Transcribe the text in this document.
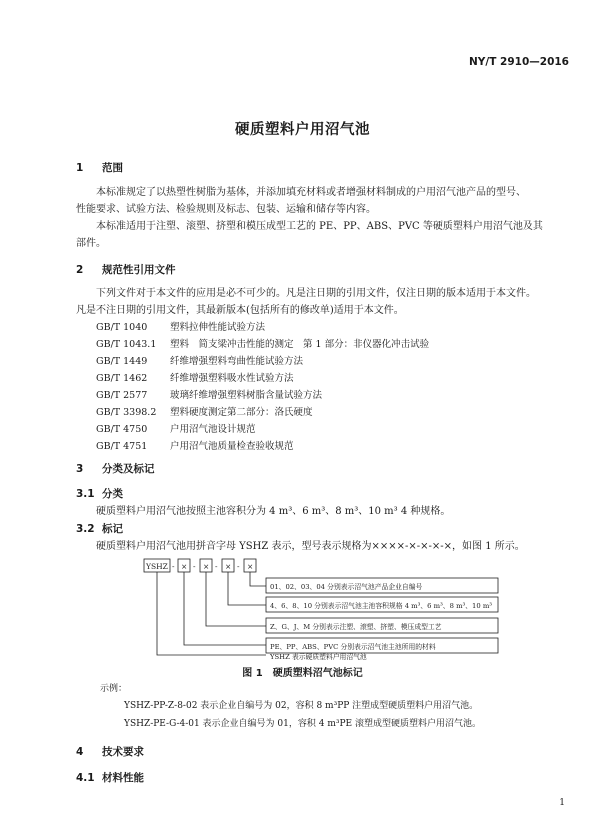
NY/T 2910—2016
硬质塑料户用沼气池
1 范围

本标准规定了以热塑性树脂为基体，并添加填充材料或者增强材料制成的户用沼气池产品的型号、

性能要求、试验方法、检验规则及标志、包装、运输和储存等内容。

本标准适用于注塑、滚塑、挤塑和模压成型工艺的 PE、PP、ABS、PVC 等硬质塑料户用沼气池及其

部件。

2 规范性引用文件

下列文件对于本文件的应用是必不可少的。凡是注日期的引用文件，仅注日期的版本适用于本文件。

凡是不注日期的引用文件，其最新版本(包括所有的修改单)适用于本文件。

GB/T 1040 塑料拉伸性能试验方法
GB/T 1043.1 塑料　简支梁冲击性能的测定　第 1 部分：非仪器化冲击试验
GB/T 1449 纤维增强塑料弯曲性能试验方法
GB/T 1462 纤维增强塑料吸水性试验方法
GB/T 2577 玻璃纤维增强塑料树脂含量试验方法
GB/T 3398.2 塑料硬度测定第二部分：洛氏硬度
GB/T 4750 户用沼气池设计规范
GB/T 4751 户用沼气池质量检查验收规范
3 分类及标记
3.1 分类
硬质塑料户用沼气池按照主池容积分为 4 m³、6 m³、8 m³、10 m³ 4 种规格。
3.2 标记
硬质塑料户用沼气池用拼音字母 YSHZ 表示，型号表示规格为××××-×-×-×-×，如图 1 所示。
YSHZ - × - × - × - ×
01、02、03、04 分别表示沼气池产品企业自编号
4、6、8、10 分别表示沼气池主池容积规格 4 m³、6 m³、8 m³、10 m³
Z、G、J、M 分别表示注塑、滚塑、挤塑、模压成型工艺
PE、PP、ABS、PVC 分别表示沼气池主池所用的材料
YSHZ 表示硬质塑料户用沼气池
图 1　硬质塑料沼气池标记
示例：
YSHZ-PP-Z-8-02 表示企业自编号为 02，容积 8 m³PP 注塑成型硬质塑料户用沼气池。
YSHZ-PE-G-4-01 表示企业自编号为 01，容积 4 m³PE 滚塑成型硬质塑料户用沼气池。
4 技术要求
4.1 材料性能
1
